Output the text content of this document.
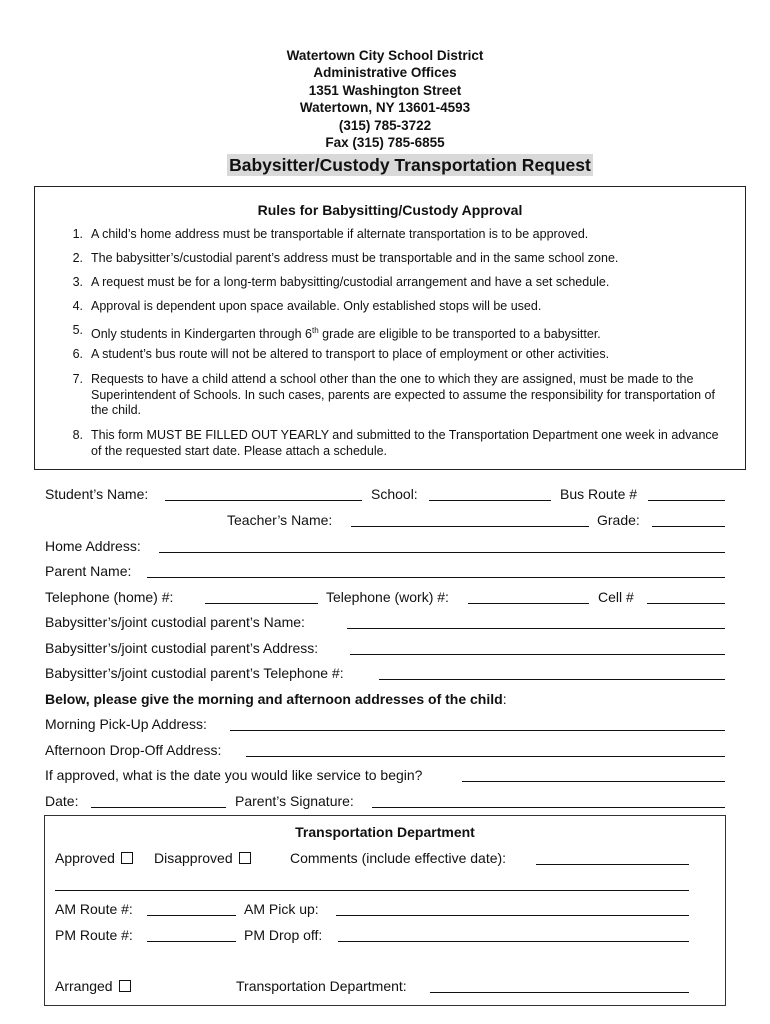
Watertown City School District
Administrative Offices
1351 Washington Street
Watertown, NY 13601-4593
(315) 785-3722
Fax (315) 785-6855
Babysitter/Custody Transportation Request
Rules for Babysitting/Custody Approval
1. A child’s home address must be transportable if alternate transportation is to be approved.
2. The babysitter’s/custodial parent’s address must be transportable and in the same school zone.
3. A request must be for a long-term babysitting/custodial arrangement and have a set schedule.
4. Approval is dependent upon space available. Only established stops will be used.
5. Only students in Kindergarten through 6th grade are eligible to be transported to a babysitter.
6. A student’s bus route will not be altered to transport to place of employment or other activities.
7. Requests to have a child attend a school other than the one to which they are assigned, must be made to the Superintendent of Schools. In such cases, parents are expected to assume the responsibility for transportation of the child.
8. This form MUST BE FILLED OUT YEARLY and submitted to the Transportation Department one week in advance of the requested start date. Please attach a schedule.
Student’s Name:	School:	Bus Route #
Teacher’s Name:	Grade:
Home Address:
Parent Name:
Telephone (home) #:	Telephone (work) #:	Cell #
Babysitter’s/joint custodial parent’s Name:
Babysitter’s/joint custodial parent’s Address:
Babysitter’s/joint custodial parent’s Telephone #:
Below, please give the morning and afternoon addresses of the child:
Morning Pick-Up Address:
Afternoon Drop-Off Address:
If approved, what is the date you would like service to begin?
Date:	Parent’s Signature:
Transportation Department
Approved	Disapproved	Comments (include effective date):
AM Route #:	AM Pick up:
PM Route #:	PM Drop off:
Arranged	Transportation Department:
